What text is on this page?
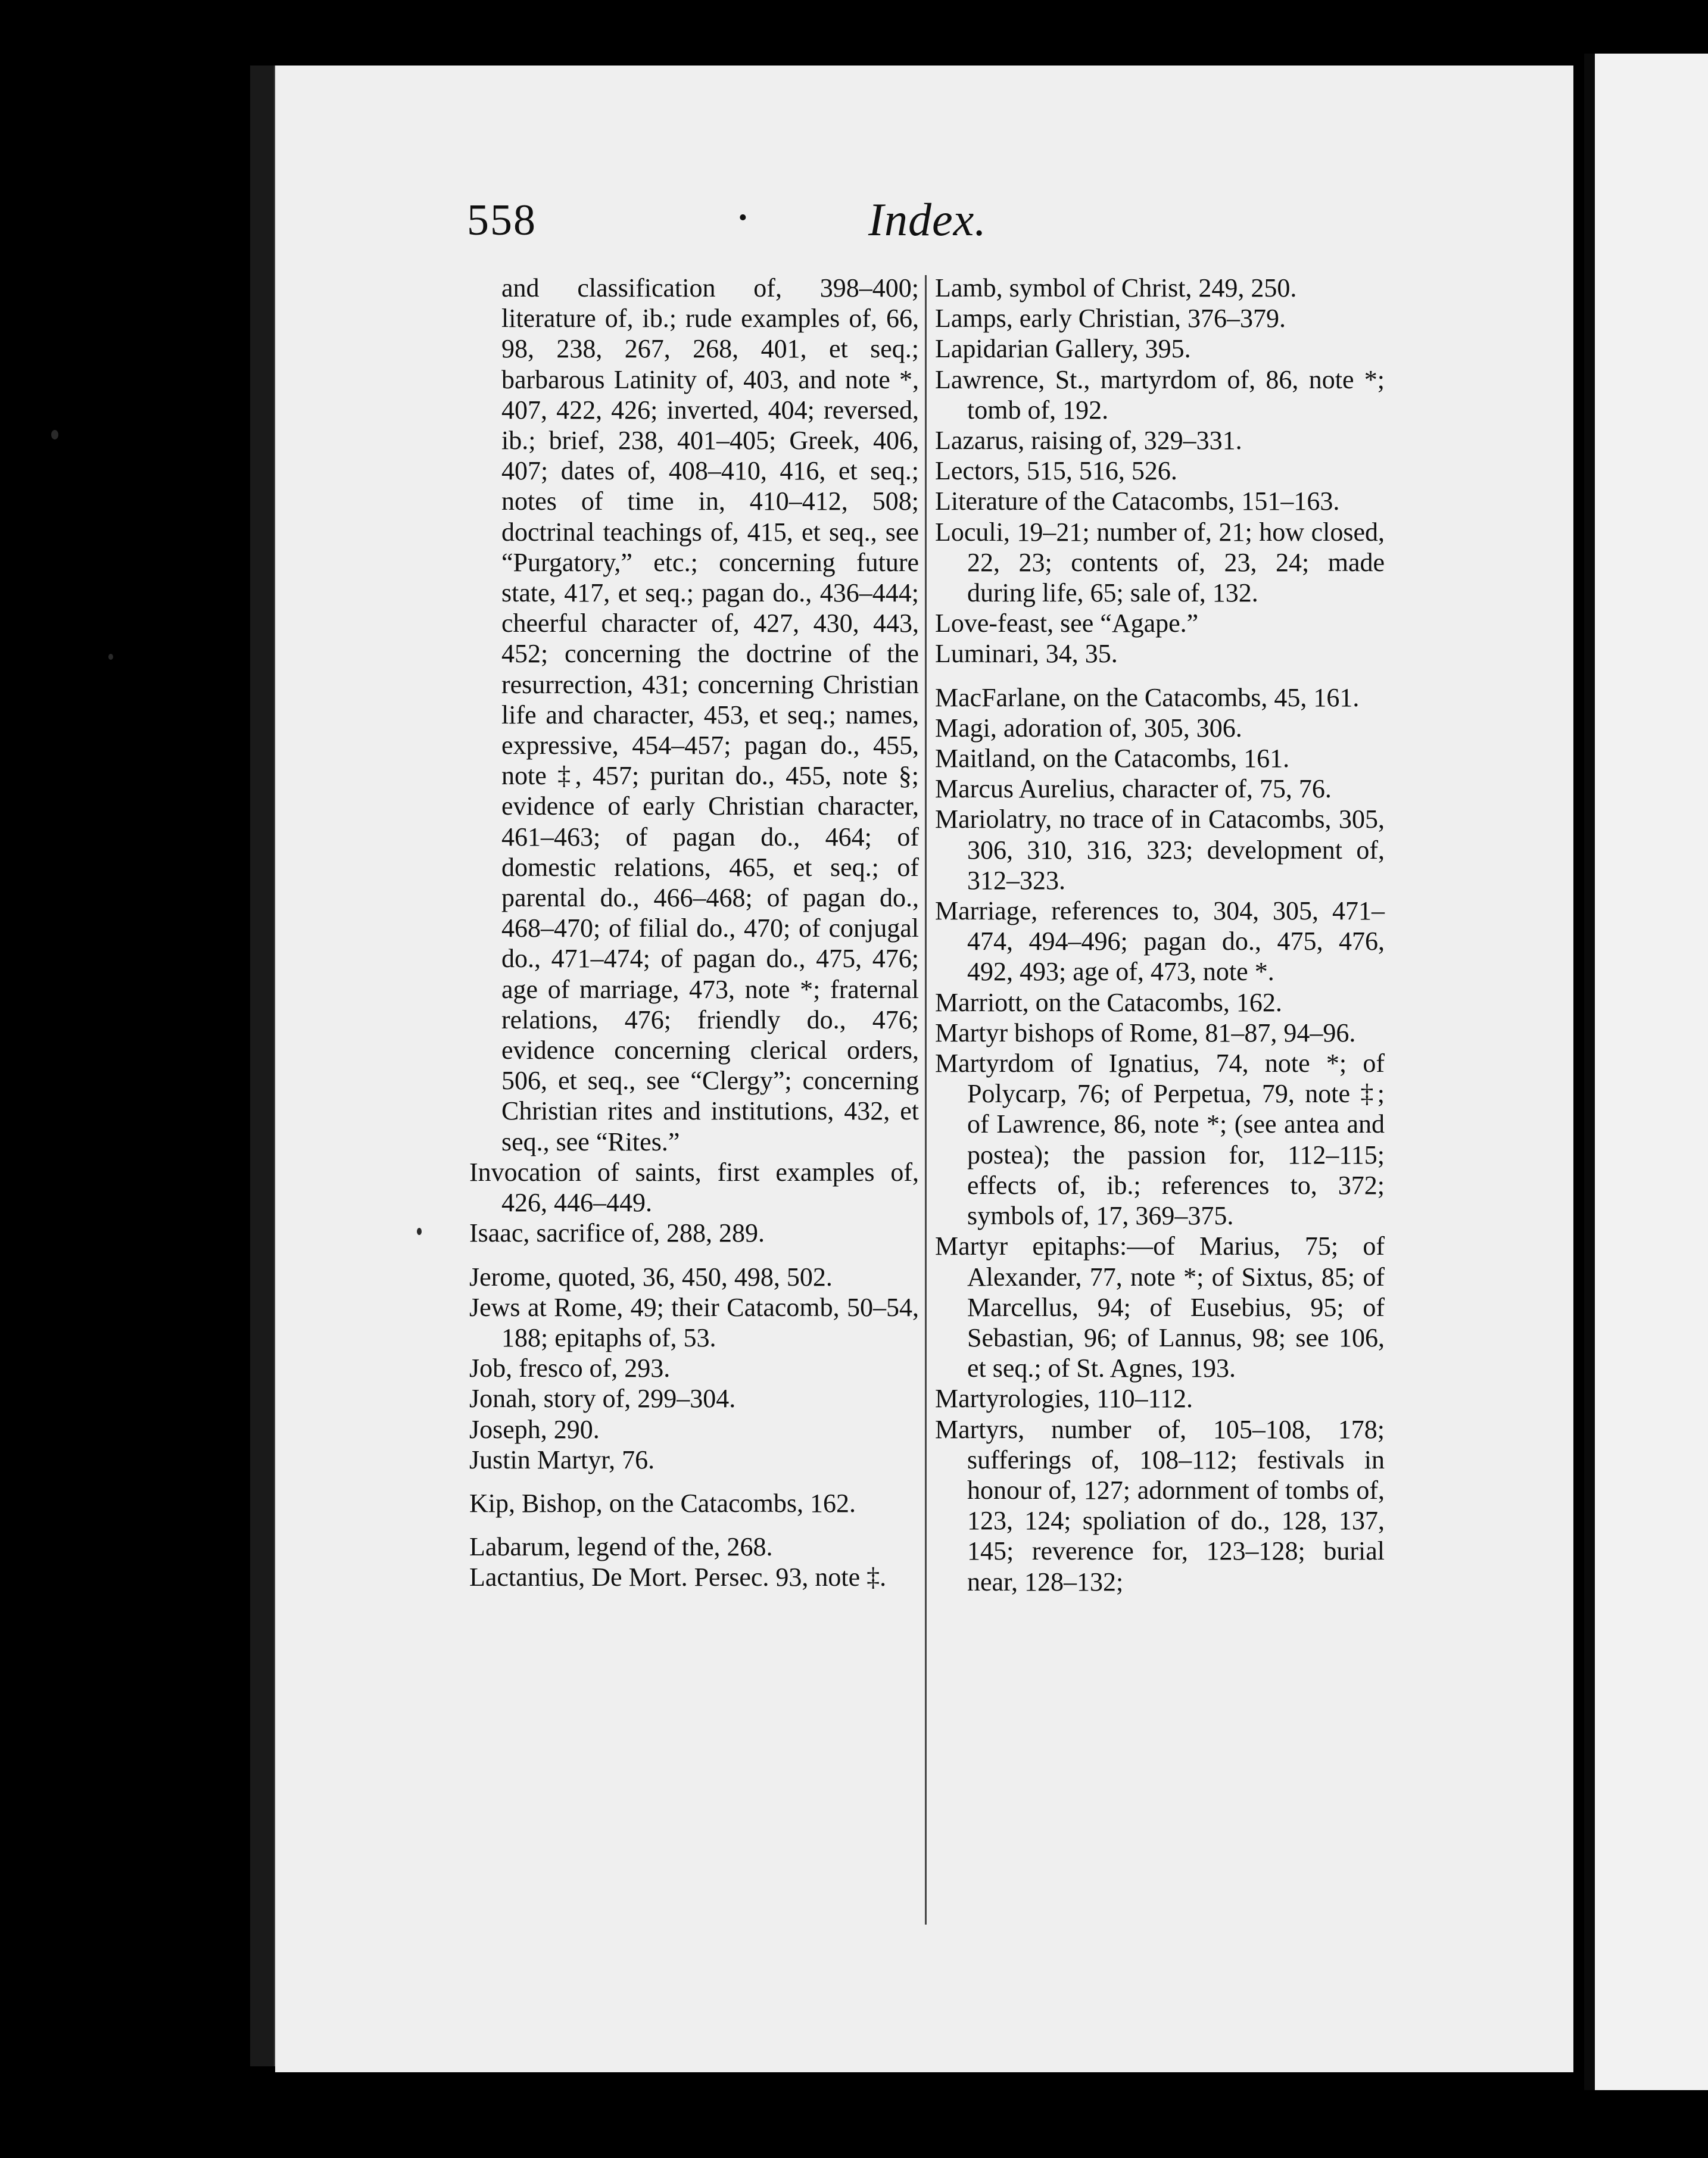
558	•	Index.
and classification of, 398–400; literature of, ib.; rude examples of, 66, 98, 238, 267, 268, 401, et seq.; barbarous Latinity of, 403, and note *, 407, 422, 426; inverted, 404; reversed, ib.; brief, 238, 401–405; Greek, 406, 407; dates of, 408–410, 416, et seq.; notes of time in, 410–412, 508; doctrinal teachings of, 415, et seq., see “Purgatory,” etc.; concerning future state, 417, et seq.; pagan do., 436–444; cheerful character of, 427, 430, 443, 452; concerning the doctrine of the resurrection, 431; concerning Christian life and character, 453, et seq.; names, expressive, 454–457; pagan do., 455, note ‡, 457; puritan do., 455, note §; evidence of early Christian character, 461–463; of pagan do., 464; of domestic relations, 465, et seq.; of parental do., 466–468; of pagan do., 468–470; of filial do., 470; of conjugal do., 471–474; of pagan do., 475, 476; age of marriage, 473, note *; fraternal relations, 476; friendly do., 476; evidence concerning clerical orders, 506, et seq., see “Clergy”; concerning Christian rites and institutions, 432, et seq., see “Rites.”
Invocation of saints, first examples of, 426, 446–449.
Isaac, sacrifice of, 288, 289.
Jerome, quoted, 36, 450, 498, 502.
Jews at Rome, 49; their Catacomb, 50–54, 188; epitaphs of, 53.
Job, fresco of, 293.
Jonah, story of, 299–304.
Joseph, 290.
Justin Martyr, 76.
Kip, Bishop, on the Catacombs, 162.
Labarum, legend of the, 268.
Lactantius, De Mort. Persec. 93, note ‡.
Lamb, symbol of Christ, 249, 250.
Lamps, early Christian, 376–379.
Lapidarian Gallery, 395.
Lawrence, St., martyrdom of, 86, note *; tomb of, 192.
Lazarus, raising of, 329–331.
Lectors, 515, 516, 526.
Literature of the Catacombs, 151–163.
Loculi, 19–21; number of, 21; how closed, 22, 23; contents of, 23, 24; made during life, 65; sale of, 132.
Love-feast, see “Agape.”
Luminari, 34, 35.
MacFarlane, on the Catacombs, 45, 161.
Magi, adoration of, 305, 306.
Maitland, on the Catacombs, 161.
Marcus Aurelius, character of, 75, 76.
Mariolatry, no trace of in Catacombs, 305, 306, 310, 316, 323; development of, 312–323.
Marriage, references to, 304, 305, 471–474, 494–496; pagan do., 475, 476, 492, 493; age of, 473, note *.
Marriott, on the Catacombs, 162.
Martyr bishops of Rome, 81–87, 94–96.
Martyrdom of Ignatius, 74, note *; of Polycarp, 76; of Perpetua, 79, note ‡; of Lawrence, 86, note *; (see antea and postea); the passion for, 112–115; effects of, ib.; references to, 372; symbols of, 17, 369–375.
Martyr epitaphs:—of Marius, 75; of Alexander, 77, note *; of Sixtus, 85; of Marcellus, 94; of Eusebius, 95; of Sebastian, 96; of Lannus, 98; see 106, et seq.; of St. Agnes, 193.
Martyrologies, 110–112.
Martyrs, number of, 105–108, 178; sufferings of, 108–112; festivals in honour of, 127; adornment of tombs of, 123, 124; spoliation of do., 128, 137, 145; reverence for, 123–128; burial near, 128–132;
